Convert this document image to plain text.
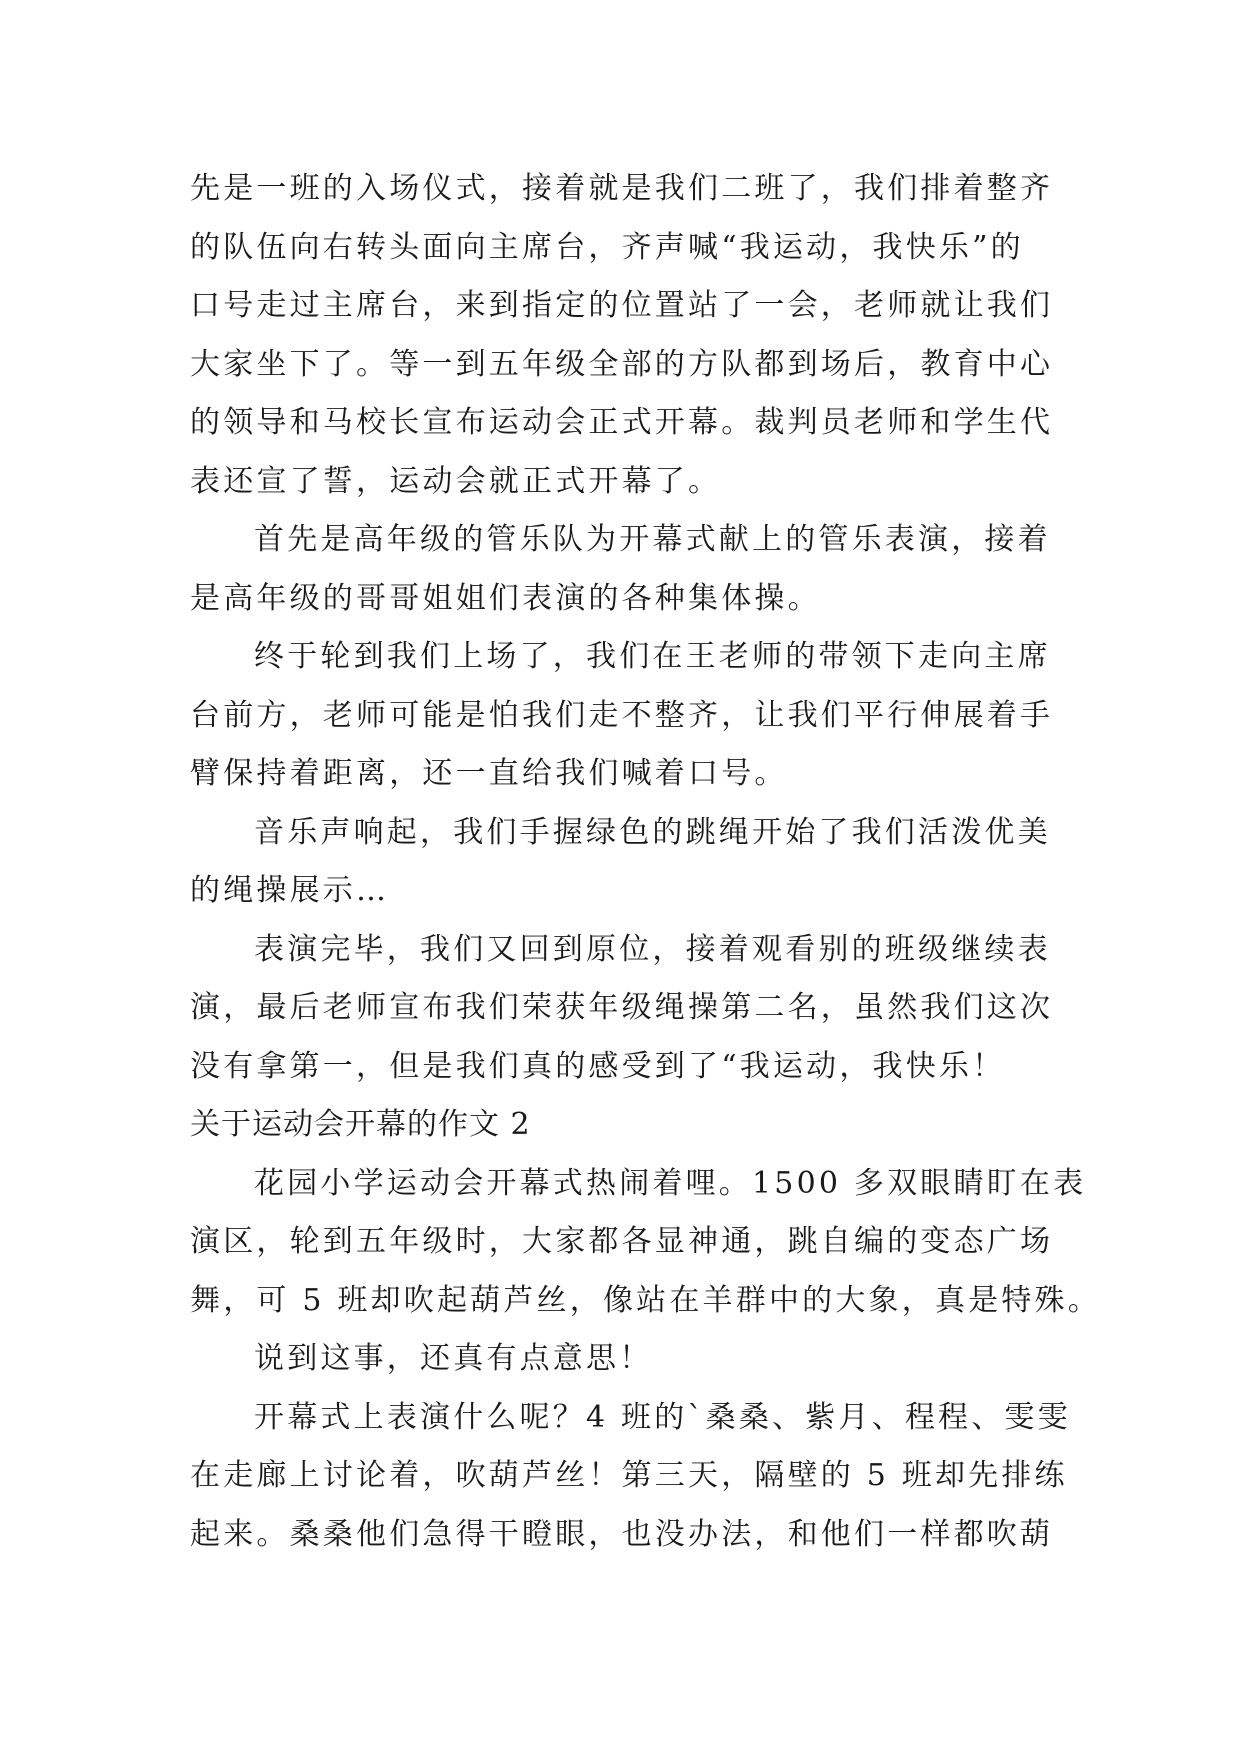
先是一班的入场仪式，接着就是我们二班了，我们排着整齐
的队伍向右转头面向主席台，齐声喊“我运动，我快乐”的
口号走过主席台，来到指定的位置站了一会，老师就让我们
大家坐下了。等一到五年级全部的方队都到场后，教育中心
的领导和马校长宣布运动会正式开幕。裁判员老师和学生代
表还宣了誓，运动会就正式开幕了。
首先是高年级的管乐队为开幕式献上的管乐表演，接着
是高年级的哥哥姐姐们表演的各种集体操。
终于轮到我们上场了，我们在王老师的带领下走向主席
台前方，老师可能是怕我们走不整齐，让我们平行伸展着手
臂保持着距离，还一直给我们喊着口号。
音乐声响起，我们手握绿色的跳绳开始了我们活泼优美
的绳操展示…
表演完毕，我们又回到原位，接着观看别的班级继续表
演，最后老师宣布我们荣获年级绳操第二名，虽然我们这次
没有拿第一，但是我们真的感受到了“我运动，我快乐！
关于运动会开幕的作文 2
花园小学运动会开幕式热闹着哩。1500 多双眼睛盯在表
演区，轮到五年级时，大家都各显神通，跳自编的变态广场
舞，可 5 班却吹起葫芦丝，像站在羊群中的大象，真是特殊。
说到这事，还真有点意思！
开幕式上表演什么呢？4 班的`桑桑、紫月、程程、雯雯
在走廊上讨论着，吹葫芦丝！第三天，隔壁的 5 班却先排练
起来。桑桑他们急得干瞪眼，也没办法，和他们一样都吹葫
